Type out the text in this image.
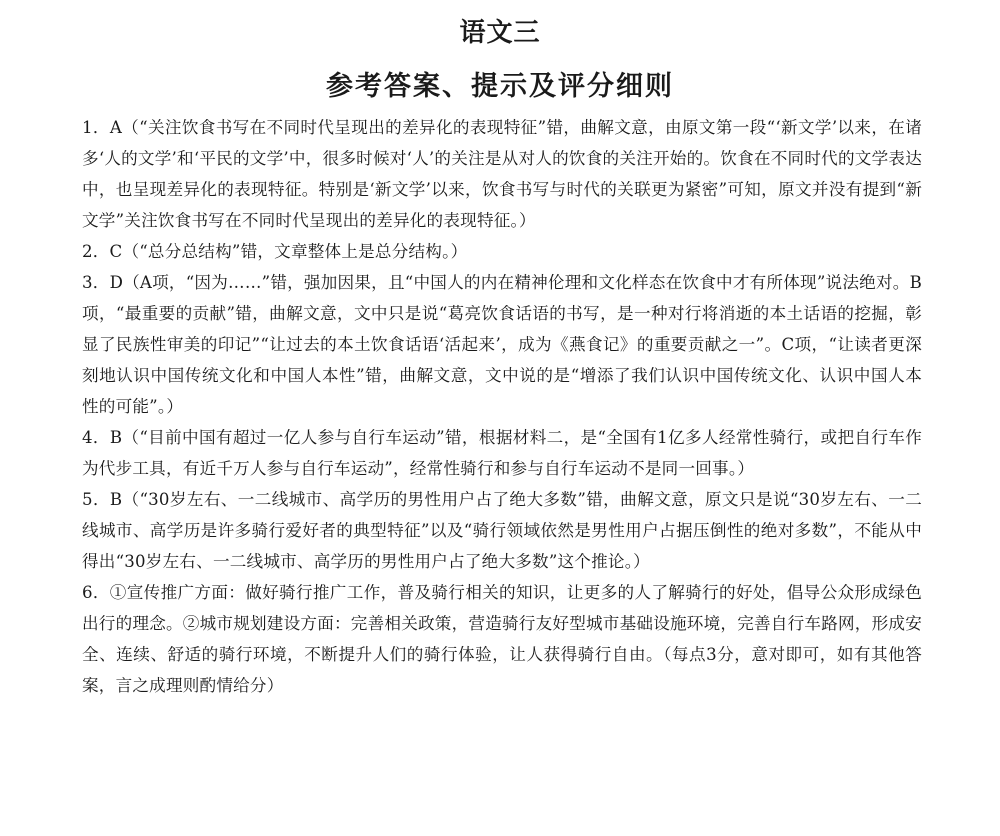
语文三
参考答案、提示及评分细则

1．A（“关注饮食书写在不同时代呈现出的差异化的表现特征”错，曲解文意，由原文第一段“‘新文学’以来，在诸多‘人的文学’和‘平民的文学’中，很多时候对‘人’的关注是从对人的饮食的关注开始的。饮食在不同时代的文学表达中，也呈现差异化的表现特征。特别是‘新文学’以来，饮食书写与时代的关联更为紧密”可知，原文并没有提到“新文学”关注饮食书写在不同时代呈现出的差异化的表现特征。）

2．C（“总分总结构”错，文章整体上是总分结构。）

3．D（A项，“因为……”错，强加因果，且“中国人的内在精神伦理和文化样态在饮食中才有所体现”说法绝对。B项，“最重要的贡献”错，曲解文意，文中只是说“葛亮饮食话语的书写，是一种对行将消逝的本土话语的挖掘，彰显了民族性审美的印记”“让过去的本土饮食话语‘活起来’，成为《燕食记》的重要贡献之一”。C项，“让读者更深刻地认识中国传统文化和中国人本性”错，曲解文意，文中说的是“增添了我们认识中国传统文化、认识中国人本性的可能”。）

4．B（“目前中国有超过一亿人参与自行车运动”错，根据材料二，是“全国有1亿多人经常性骑行，或把自行车作为代步工具，有近千万人参与自行车运动”，经常性骑行和参与自行车运动不是同一回事。）

5．B（“30岁左右、一二线城市、高学历的男性用户占了绝大多数”错，曲解文意，原文只是说“30岁左右、一二线城市、高学历是许多骑行爱好者的典型特征”以及“骑行领域依然是男性用户占据压倒性的绝对多数”，不能从中得出“30岁左右、一二线城市、高学历的男性用户占了绝大多数”这个推论。）

6．①宣传推广方面：做好骑行推广工作，普及骑行相关的知识，让更多的人了解骑行的好处，倡导公众形成绿色出行的理念。②城市规划建设方面：完善相关政策，营造骑行友好型城市基础设施环境，完善自行车路网，形成安全、连续、舒适的骑行环境，不断提升人们的骑行体验，让人获得骑行自由。（每点3分，意对即可，如有其他答案，言之成理则酌情给分）
